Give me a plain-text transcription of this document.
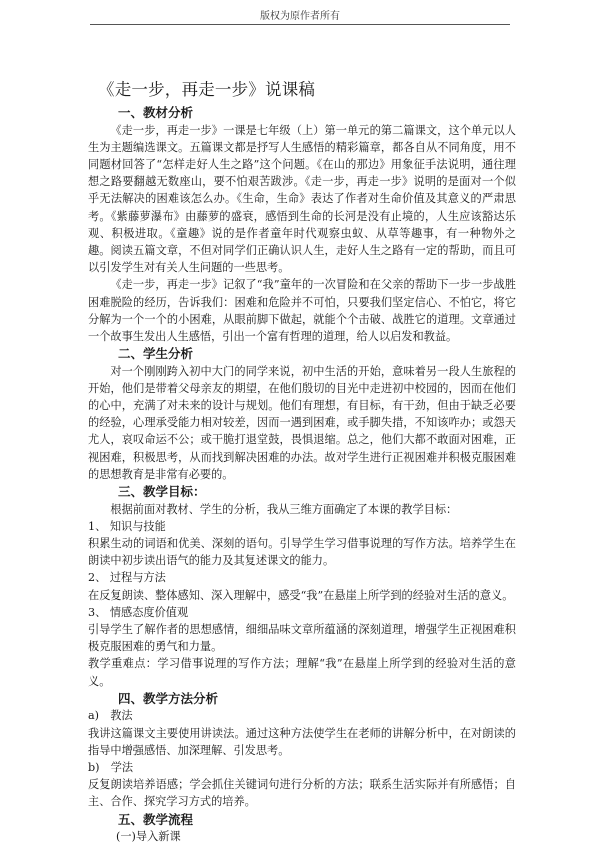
版权为原作者所有
《走一步，再走一步》说课稿

一、教材分析

《走一步，再走一步》一课是七年级（上）第一单元的第二篇课文，这个单元以人生为主题编选课文。五篇课文都是抒写人生感悟的精彩篇章，都各自从不同角度，用不同题材回答了“怎样走好人生之路”这个问题。《在山的那边》用象征手法说明，通往理想之路要翻越无数座山，要不怕艰苦跋涉。《走一步，再走一步》说明的是面对一个似乎无法解决的困难该怎么办。《生命，生命》表达了作者对生命价值及其意义的严肃思考。《紫藤萝瀑布》由藤萝的盛衰，感悟到生命的长河是没有止境的，人生应该豁达乐观、积极进取。《童趣》说的是作者童年时代观察虫蚁、从草等趣事，有一种物外之趣。阅读五篇文章，不但对同学们正确认识人生，走好人生之路有一定的帮助，而且可以引发学生对有关人生问题的一些思考。

《走一步，再走一步》记叙了“我”童年的一次冒险和在父亲的帮助下一步一步战胜困难脱险的经历，告诉我们：困难和危险并不可怕，只要我们坚定信心、不怕它，将它分解为一个一个的小困难，从眼前脚下做起，就能个个击破、战胜它的道理。文章通过一个故事生发出人生感悟，引出一个富有哲理的道理，给人以启发和教益。

二、学生分析

对一个刚刚跨入初中大门的同学来说，初中生活的开始，意味着另一段人生旅程的开始，他们是带着父母亲友的期望，在他们殷切的目光中走进初中校园的，因而在他们的心中，充满了对未来的设计与规划。他们有理想，有目标，有干劲，但由于缺乏必要的经验，心理承受能力相对较差，因而一遇到困难，或手脚失措，不知该咋办；或怨天尤人，哀叹命运不公；或干脆打退堂鼓，畏惧退缩。总之，他们大都不敢面对困难，正视困难，积极思考，从而找到解决困难的办法。故对学生进行正视困难并积极克服困难的思想教育是非常有必要的。

三、教学目标：

根据前面对教材、学生的分析，我从三维方面确定了本课的教学目标：

1、 知识与技能

积累生动的词语和优美、深刻的语句。引导学生学习借事说理的写作方法。培养学生在朗读中初步读出语气的能力及其复述课文的能力。

2、 过程与方法

在反复朗读、整体感知、深入理解中，感受“我”在悬崖上所学到的经验对生活的意义。

3、 情感态度价值观

引导学生了解作者的思想感情，细细品味文章所蕴涵的深刻道理，增强学生正视困难积极克服困难的勇气和力量。

教学重难点：学习借事说理的写作方法；理解“我”在悬崖上所学到的经验对生活的意义。

四、教学方法分析

a)　教法

我讲这篇课文主要使用讲读法。通过这种方法使学生在老师的讲解分析中，在对朗读的指导中增强感悟、加深理解、引发思考。

b)　学法

反复朗读培养语感；学会抓住关键词句进行分析的方法；联系生活实际并有所感悟；自主、合作、探究学习方式的培养。

五、教学流程

(一)导入新课
